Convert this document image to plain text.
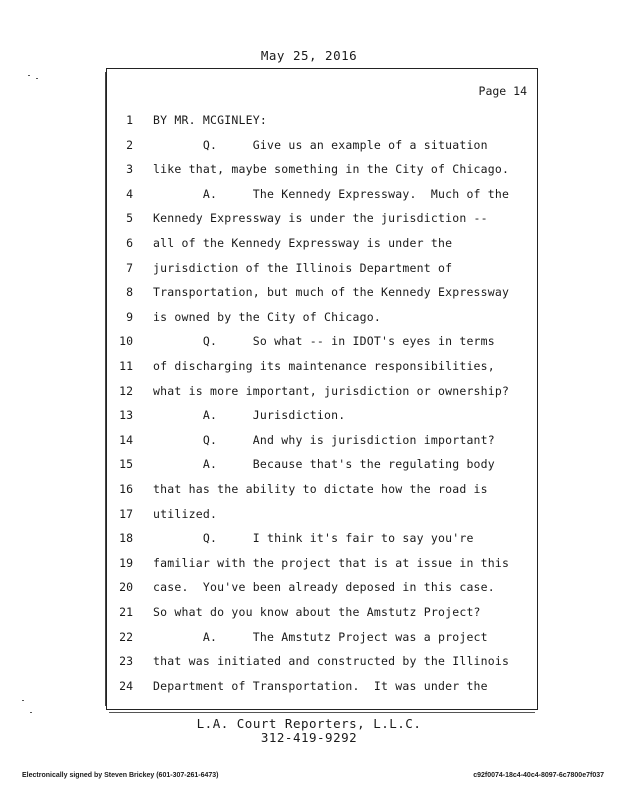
May 25, 2016
Page 14
1 BY MR. MCGINLEY:
2 Q.     Give us an example of a situation
3 like that, maybe something in the City of Chicago.
4 A.     The Kennedy Expressway.  Much of the
5 Kennedy Expressway is under the jurisdiction --
6 all of the Kennedy Expressway is under the
7 jurisdiction of the Illinois Department of
8 Transportation, but much of the Kennedy Expressway
9 is owned by the City of Chicago.
10 Q.     So what -- in IDOT's eyes in terms
11 of discharging its maintenance responsibilities,
12 what is more important, jurisdiction or ownership?
13 A.     Jurisdiction.
14 Q.     And why is jurisdiction important?
15 A.     Because that's the regulating body
16 that has the ability to dictate how the road is
17 utilized.
18 Q.     I think it's fair to say you're
19 familiar with the project that is at issue in this
20 case.  You've been already deposed in this case.
21 So what do you know about the Amstutz Project?
22 A.     The Amstutz Project was a project
23 that was initiated and constructed by the Illinois
24 Department of Transportation.  It was under the
L.A. Court Reporters, L.L.C.
312-419-9292
Electronically signed by Steven Brickey (601-307-261-6473)	c92f0074-18c4-40c4-8097-6c7800e7f037
